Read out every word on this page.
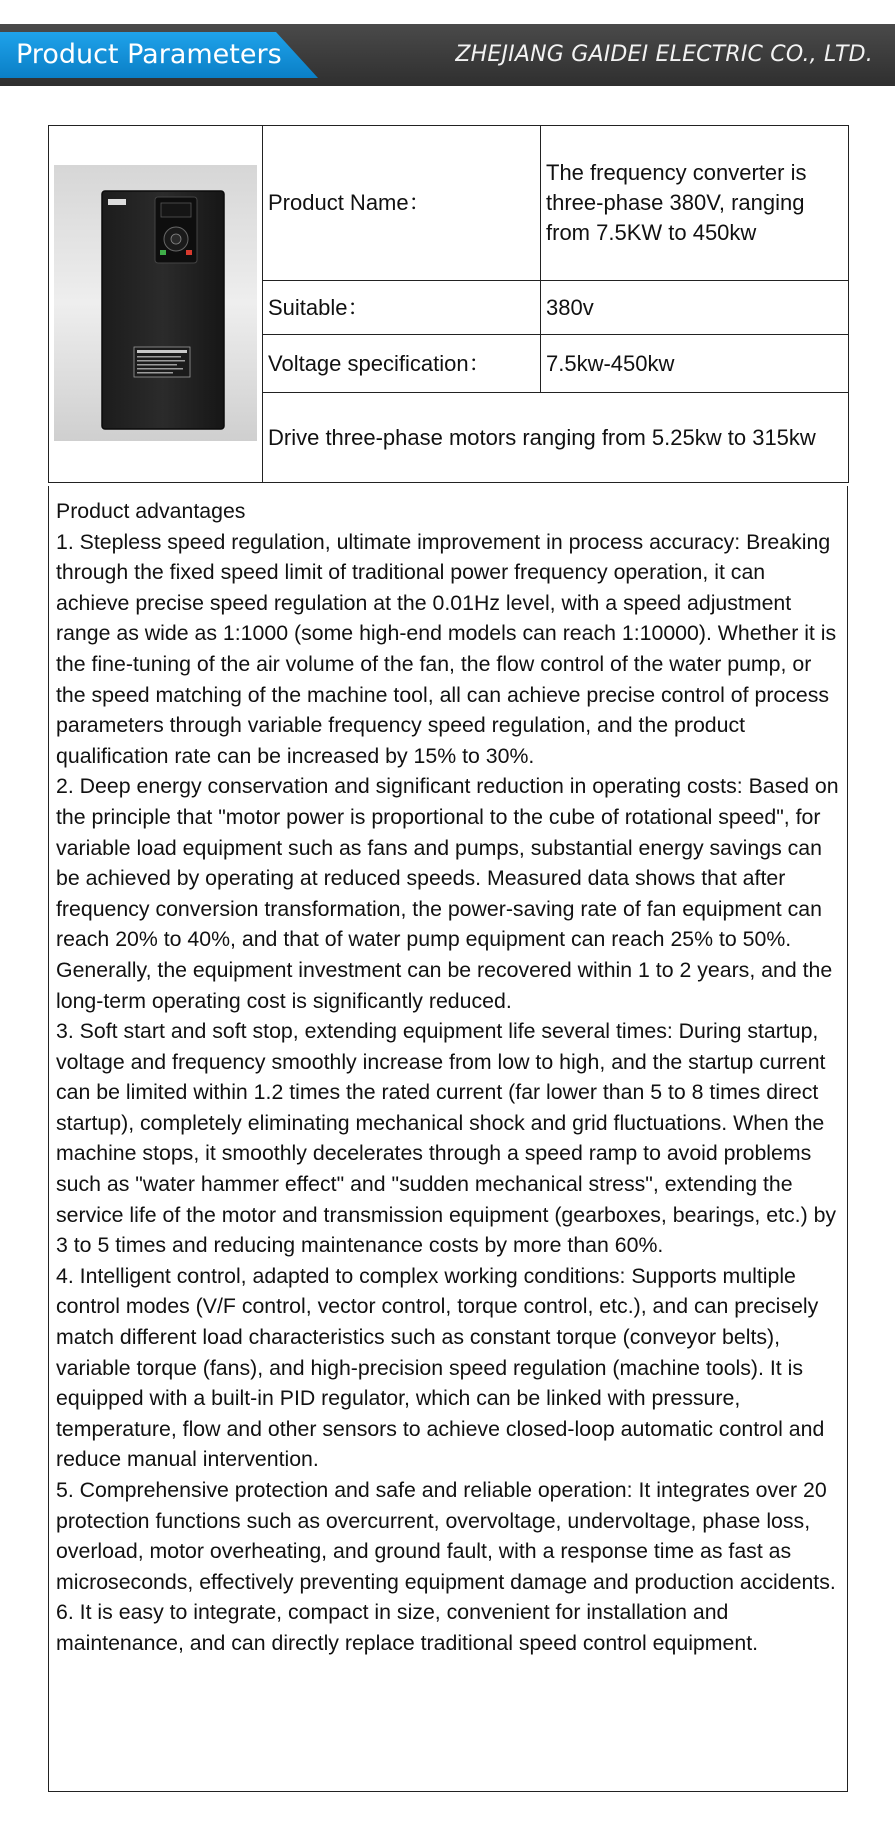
Product Parameters	ZHEJIANG GAIDEI ELECTRIC CO., LTD.
	Product Name：	The frequency converter is three-phase 380V, ranging from 7.5KW to 450kw
	Suitable：	380v
	Voltage specification：	7.5kw-450kw
	Drive three-phase motors ranging from 5.25kw to 315kw	

Product advantages

1. Stepless speed regulation, ultimate improvement in process accuracy: Breaking through the fixed speed limit of traditional power frequency operation, it can achieve precise speed regulation at the 0.01Hz level, with a speed adjustment range as wide as 1:1000 (some high-end models can reach 1:10000). Whether it is the fine-tuning of the air volume of the fan, the flow control of the water pump, or the speed matching of the machine tool, all can achieve precise control of process parameters through variable frequency speed regulation, and the product qualification rate can be increased by 15% to 30%.

2. Deep energy conservation and significant reduction in operating costs: Based on the principle that "motor power is proportional to the cube of rotational speed", for variable load equipment such as fans and pumps, substantial energy savings can be achieved by operating at reduced speeds. Measured data shows that after frequency conversion transformation, the power-saving rate of fan equipment can reach 20% to 40%, and that of water pump equipment can reach 25% to 50%. Generally, the equipment investment can be recovered within 1 to 2 years, and the long-term operating cost is significantly reduced.

3. Soft start and soft stop, extending equipment life several times: During startup, voltage and frequency smoothly increase from low to high, and the startup current can be limited within 1.2 times the rated current (far lower than 5 to 8 times direct startup), completely eliminating mechanical shock and grid fluctuations. When the machine stops, it smoothly decelerates through a speed ramp to avoid problems such as "water hammer effect" and "sudden mechanical stress", extending the service life of the motor and transmission equipment (gearboxes, bearings, etc.) by 3 to 5 times and reducing maintenance costs by more than 60%.

4. Intelligent control, adapted to complex working conditions: Supports multiple control modes (V/F control, vector control, torque control, etc.), and can precisely match different load characteristics such as constant torque (conveyor belts), variable torque (fans), and high-precision speed regulation (machine tools). It is equipped with a built-in PID regulator, which can be linked with pressure, temperature, flow and other sensors to achieve closed-loop automatic control and reduce manual intervention.

5. Comprehensive protection and safe and reliable operation: It integrates over 20 protection functions such as overcurrent, overvoltage, undervoltage, phase loss, overload, motor overheating, and ground fault, with a response time as fast as microseconds, effectively preventing equipment damage and production accidents.

6. It is easy to integrate, compact in size, convenient for installation and maintenance, and can directly replace traditional speed control equipment.
